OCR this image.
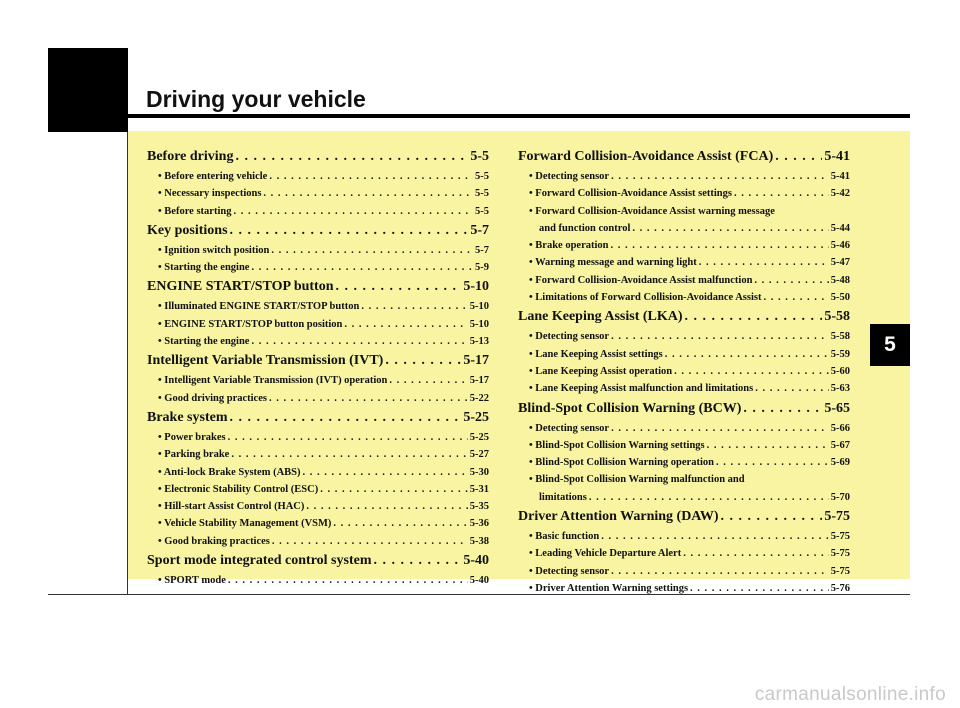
Driving your vehicle
5
Before driving . . .	5-5
• Before entering vehicle . . .	5-5
• Necessary inspections . . .	5-5
• Before starting . . .	5-5
Key positions . . .	5-7
• Ignition switch position . . .	5-7
• Starting the engine . . .	5-9
ENGINE START/STOP button . . .	5-10
• Illuminated ENGINE START/STOP button . . .	5-10
• ENGINE START/STOP button position . . .	5-10
• Starting the engine . . .	5-13
Intelligent Variable Transmission (IVT) . . .	5-17
• Intelligent Variable Transmission (IVT) operation . . .	5-17
• Good driving practices . . .	5-22
Brake system . . .	5-25
• Power brakes . . .	5-25
• Parking brake . . .	5-27
• Anti-lock Brake System (ABS) . . .	5-30
• Electronic Stability Control (ESC) . . .	5-31
• Hill-start Assist Control (HAC) . . .	5-35
• Vehicle Stability Management (VSM) . . .	5-36
• Good braking practices . . .	5-38
Sport mode integrated control system . . .	5-40
• SPORT mode . . .	5-40
Forward Collision-Avoidance Assist (FCA) . . .	5-41
• Detecting sensor . . .	5-41
• Forward Collision-Avoidance Assist settings . . .	5-42
• Forward Collision-Avoidance Assist warning message
and function control . . .	5-44
• Brake operation . . .	5-46
• Warning message and warning light . . .	5-47
• Forward Collision-Avoidance Assist malfunction . . .	5-48
• Limitations of Forward Collision-Avoidance Assist . . .	5-50
Lane Keeping Assist (LKA) . . .	5-58
• Detecting sensor . . .	5-58
• Lane Keeping Assist settings . . .	5-59
• Lane Keeping Assist operation . . .	5-60
• Lane Keeping Assist malfunction and limitations . . .	5-63
Blind-Spot Collision Warning (BCW) . . .	5-65
• Detecting sensor . . .	5-66
• Blind-Spot Collision Warning settings . . .	5-67
• Blind-Spot Collision Warning operation . . .	5-69
• Blind-Spot Collision Warning malfunction and
limitations . . .	5-70
Driver Attention Warning (DAW) . . .	5-75
• Basic function . . .	5-75
• Leading Vehicle Departure Alert . . .	5-75
• Detecting sensor . . .	5-75
• Driver Attention Warning settings . . .	5-76
carmanualsonline.info
